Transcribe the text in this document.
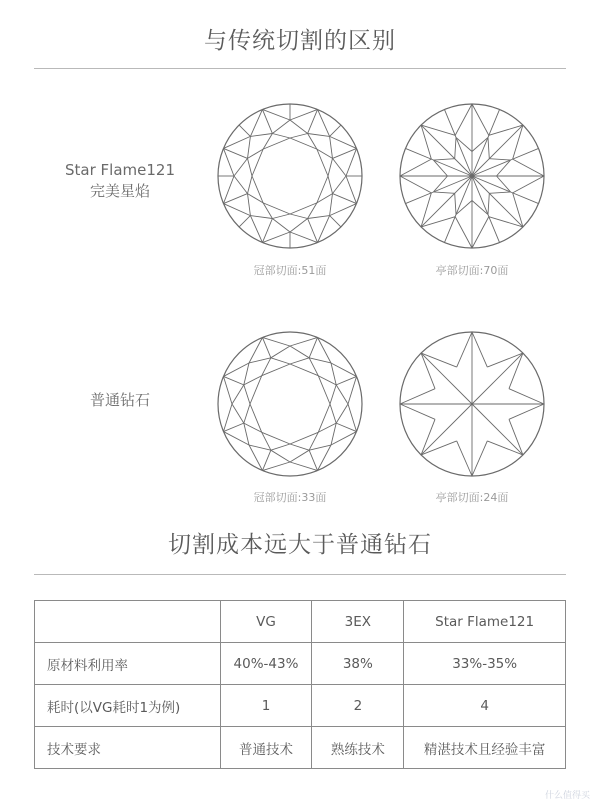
与传统切割的区别
Star Flame121
完美星焰
冠部切面:51面	亭部切面:70面
普通钻石
冠部切面:33面	亭部切面:24面
切割成本远大于普通钻石
	VG	3EX	Star Flame121
原材料利用率	40%-43%	38%	33%-35%
耗时(以VG耗时1为例)	1	2	4
技术要求	普通技术	熟练技术	精湛技术且经验丰富
什么值得买
